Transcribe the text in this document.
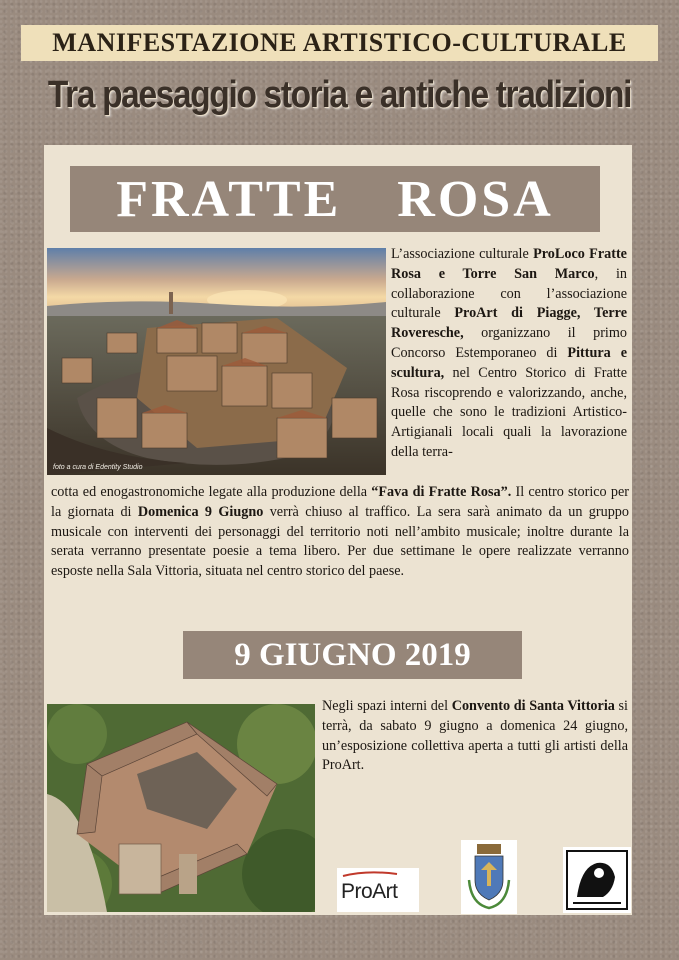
MANIFESTAZIONE ARTISTICO-CULTURALE
Tra paesaggio storia e antiche tradizioni
FRATTE  ROSA
foto a cura di Edentity Studio
L’associazione culturale ProLoco Fratte Rosa e Torre San Marco, in collaborazione con l’associazione culturale ProArt di Piagge, Terre Roveresche, organizzano il primo Concorso Estemporaneo di Pittura e scultura, nel Centro Storico di Fratte Rosa riscoprendo e valorizzando, anche, quelle che sono le tradizioni Artistico-Artigianali locali quali la lavorazione della terra-
cotta ed enogastronomiche legate alla produzione della “Fava di Fratte Rosa”. Il centro storico per la giornata di Domenica 9 Giugno verrà chiuso al traffico. La sera sarà animato da un gruppo musicale con interventi dei personaggi del territorio noti nell’ambito musicale; inoltre durante la serata verranno presentate poesie a tema libero. Per due settimane le opere realizzate verranno esposte nella Sala Vittoria, situata nel centro storico del paese.
9 GIUGNO 2019
Negli spazi interni del Convento di Santa Vittoria si terrà, da sabato 9 giugno a domenica 24 giugno, un’esposizione collettiva aperta a tutti gli artisti della ProArt.
ProArt
